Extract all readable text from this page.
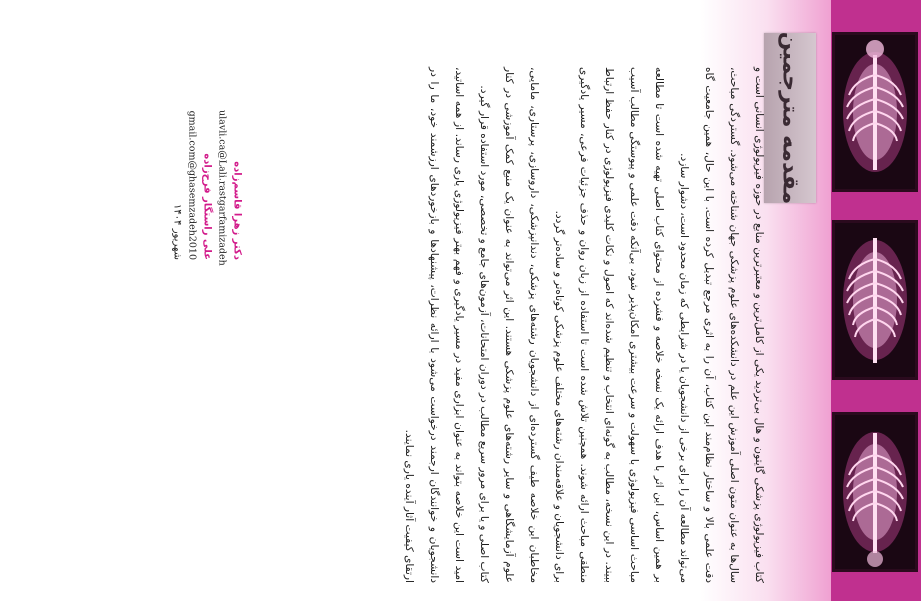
مقدمه مترجمین

کتاب فیزیولوژی پزشکی گایتون و هال بی‌تردید یکی از کامل‌ترین و معتبرترین منابع در حوزه فیزیولوژی انسانی است و سال‌ها به عنوان متون اصلی آموزش این علم در دانشکده‌های علوم پزشکی جهان شناخته می‌شود. گستردگی مباحث، دقت علمی بالا و ساختار نظام‌مند این کتاب، آن را به اثری مرجع تبدیل کرده است. با این حال، همین جامعیت گاه می‌تواند مطالعه آن را برای برخی از دانشجویان یا در شرایطی که زمان محدود است، دشوار سازد.

بر همین اساس، این اثر با هدف ارائه یک نسخه خلاصه و فشرده از محتوای کتاب اصلی تهیه شده است تا مطالعه مباحث اساسی فیزیولوژی با سهولت و سرعت بیشتری امکان‌پذیر شود، بی‌آنکه دقت علمی و پیوستگی مطالب آسیب ببیند. در این نسخه، مطالب به گونه‌ای انتخاب و تنظیم شده‌اند که اصول و نکات کلیدی فیزیولوژی در کنار حفظ ارتباط منطقی مباحث ارائه شوند. همچنین تلاش شده است تا استفاده از زبان روان و حذف جزئیات فرعی، مسیر یادگیری برای دانشجویان و علاقه‌مندان رشته‌های مختلف علوم پزشکی کوتاه‌تر و ساده‌تر گردد.

مخاطبان این خلاصه طیف گسترده‌ای از دانشجویان رشته‌های پزشکی، دندانپزشکی، داروسازی، پرستاری، مامایی، علوم آزمایشگاهی و سایر رشته‌های علوم پزشکی هستند. این اثر می‌تواند به عنوان یک منبع کمک آموزشی در کنار کتاب اصلی و یا برای مرور سریع مطالب در دوران امتحانات، آزمون‌های جامع و تخصصی، مورد استفاده قرار گیرد.

امید است این خلاصه بتواند به عنوان ابزاری مفید در مسیر یادگیری و فهم بهتر فیزیولوژی یاری رساند. از همه اساتید، دانشجویان و خوانندگان ارجمند درخواست می‌شود با ارائه نظرات، پیشنهادها و بازخوردهای ارزشمند خود، ما را در ارتقای کیفیت آثار آینده یاری نمایند.

دکتر زهرا قاسم‌زاده
ulavli.ca@Lali.rastgarfamizadeh
علی راستگار فرح‌زاده
gmail.com@ghasemzadeh2010
شهریور ۱۴۰۴
